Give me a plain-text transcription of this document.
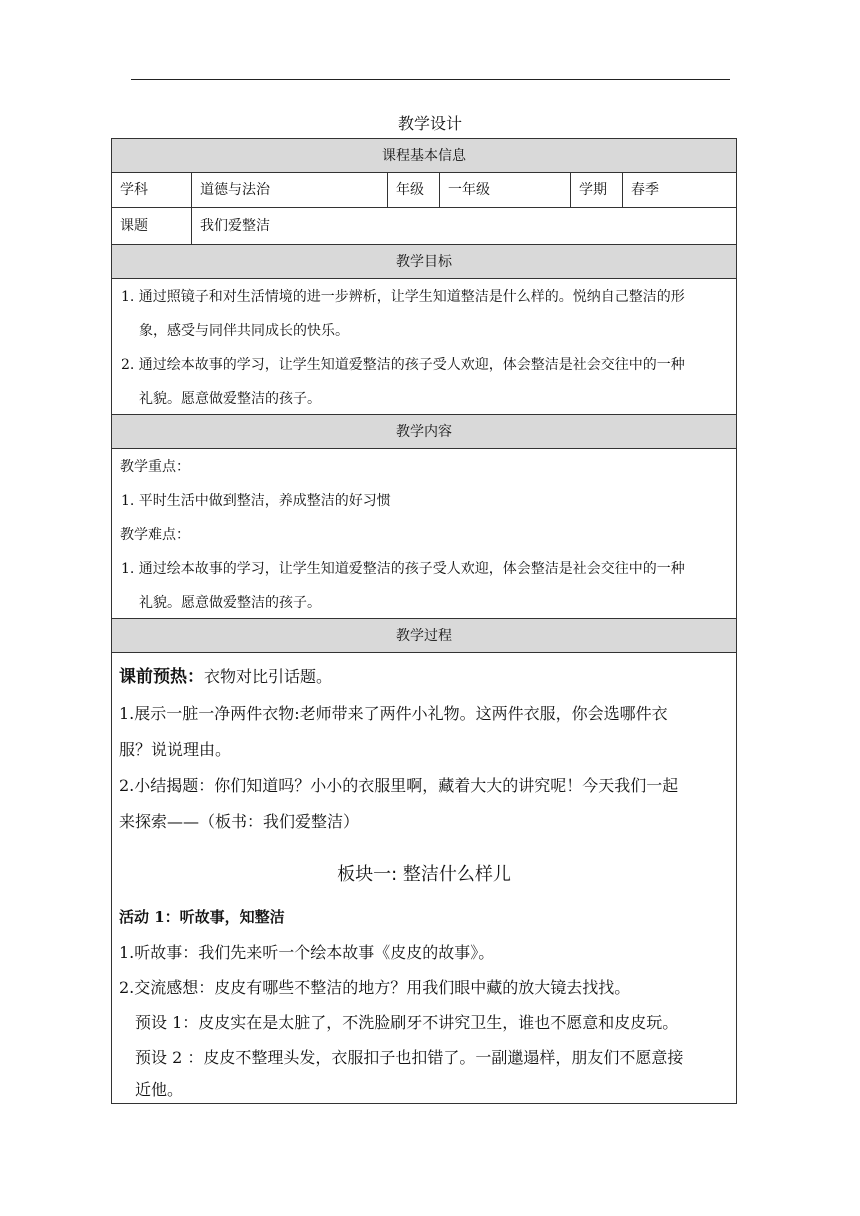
教学设计
课程基本信息
学科	道德与法治	年级	一年级	学期	春季
课题	我们爱整洁
教学目标
1. 通过照镜子和对生活情境的进一步辨析，让学生知道整洁是什么样的。悦纳自己整洁的形
象，感受与同伴共同成长的快乐。
2. 通过绘本故事的学习，让学生知道爱整洁的孩子受人欢迎，体会整洁是社会交往中的一种
礼貌。愿意做爱整洁的孩子。
教学内容
教学重点：
1. 平时生活中做到整洁，养成整洁的好习惯
教学难点：
1. 通过绘本故事的学习，让学生知道爱整洁的孩子受人欢迎，体会整洁是社会交往中的一种
礼貌。愿意做爱整洁的孩子。
教学过程
课前预热：衣物对比引话题。
1.展示一脏一净两件衣物:老师带来了两件小礼物。这两件衣服，你会选哪件衣
服？说说理由。
2.小结揭题：你们知道吗？小小的衣服里啊，藏着大大的讲究呢！今天我们一起
来探索——（板书：我们爱整洁）
板块一: 整洁什么样儿
活动 1：听故事，知整洁
1.听故事：我们先来听一个绘本故事《皮皮的故事》。
2.交流感想：皮皮有哪些不整洁的地方？用我们眼中藏的放大镜去找找。
预设 1：皮皮实在是太脏了，不洗脸刷牙不讲究卫生，谁也不愿意和皮皮玩。
预设 2 ：皮皮不整理头发，衣服扣子也扣错了。一副邋遢样，朋友们不愿意接
近他。
